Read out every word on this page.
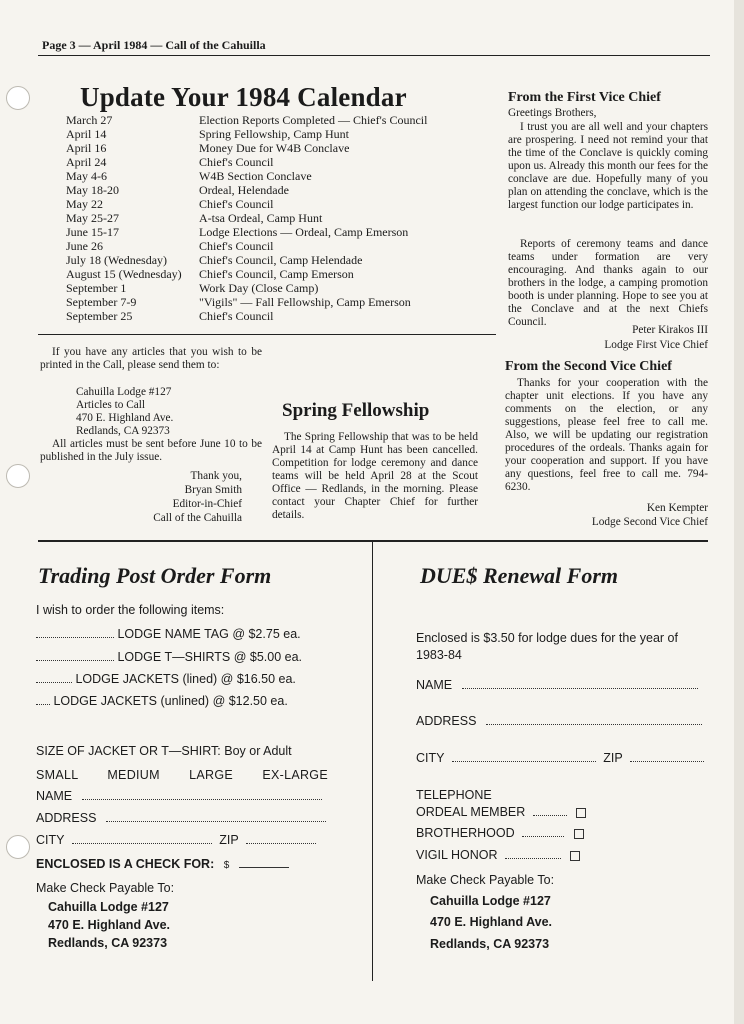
Page 3 — April 1984 — Call of the Cahuilla
Update Your 1984 Calendar
March 27	Election Reports Completed — Chief's Council
April 14	Spring Fellowship, Camp Hunt
April 16	Money Due for W4B Conclave
April 24	Chief's Council
May 4-6	W4B Section Conclave
May 18-20	Ordeal, Helendade
May 22	Chief's Council
May 25-27	A-tsa Ordeal, Camp Hunt
June 15-17	Lodge Elections — Ordeal, Camp Emerson
June 26	Chief's Council
July 18 (Wednesday)	Chief's Council, Camp Helendade
August 15 (Wednesday) Chief's Council, Camp Emerson
September 1	Work Day (Close Camp)
September 7-9	"Vigils" — Fall Fellowship, Camp Emerson
September 25	Chief's Council
From the First Vice Chief
Greetings Brothers,
I trust you are all well and your chapters are prospering. I need not remind your that the time of the Conclave is quickly coming upon us. Already this month our fees for the conclave are due. Hopefully many of you plan on attending the conclave, which is the largest function our lodge participates in.
Reports of ceremony teams and dance teams under formation are very encouraging. And thanks again to our brothers in the lodge, a camping promotion booth is under planning. Hope to see you at the Conclave and at the next Chiefs Council.
Peter Kirakos III
Lodge First Vice Chief
From the Second Vice Chief
Thanks for your cooperation with the chapter unit elections. If you have any comments on the election, or any suggestions, please feel free to call me. Also, we will be updating our registration procedures of the ordeals. Thanks again for your cooperation and support. If you have any questions, feel free to call me. 794-6230.
Ken Kempter
Lodge Second Vice Chief
If you have any articles that you wish to be printed in the Call, please send them to:
Cahuilla Lodge #127
Articles to Call
470 E. Highland Ave.
Redlands, CA 92373
All articles must be sent before June 10 to be published in the July issue.
Thank you,
Bryan Smith
Editor-in-Chief
Call of the Cahuilla
Spring Fellowship
The Spring Fellowship that was to be held April 14 at Camp Hunt has been cancelled. Competition for lodge ceremony and dance teams will be held April 28 at the Scout Office — Redlands, in the morning. Please contact your Chapter Chief for further details.
Trading Post Order Form
I wish to order the following items:
LODGE NAME TAG @ $2.75 ea.
LODGE T—SHIRTS @ $5.00 ea.
LODGE JACKETS (lined) @ $16.50 ea.
LODGE JACKETS (unlined) @ $12.50 ea.
SIZE OF JACKET OR T—SHIRT: Boy or Adult
SMALL   MEDIUM   LARGE   EX-LARGE
NAME
ADDRESS
CITY	ZIP
ENCLOSED IS A CHECK FOR: $
Make Check Payable To:
Cahuilla Lodge #127
470 E. Highland Ave.
Redlands, CA 92373
DUE$ Renewal Form
Enclosed is $3.50 for lodge dues for the year of 1983-84
NAME
ADDRESS
CITY	ZIP
TELEPHONE
ORDEAL MEMBER
BROTHERHOOD
VIGIL HONOR
Make Check Payable To:
Cahuilla Lodge #127
470 E. Highland Ave.
Redlands, CA 92373
